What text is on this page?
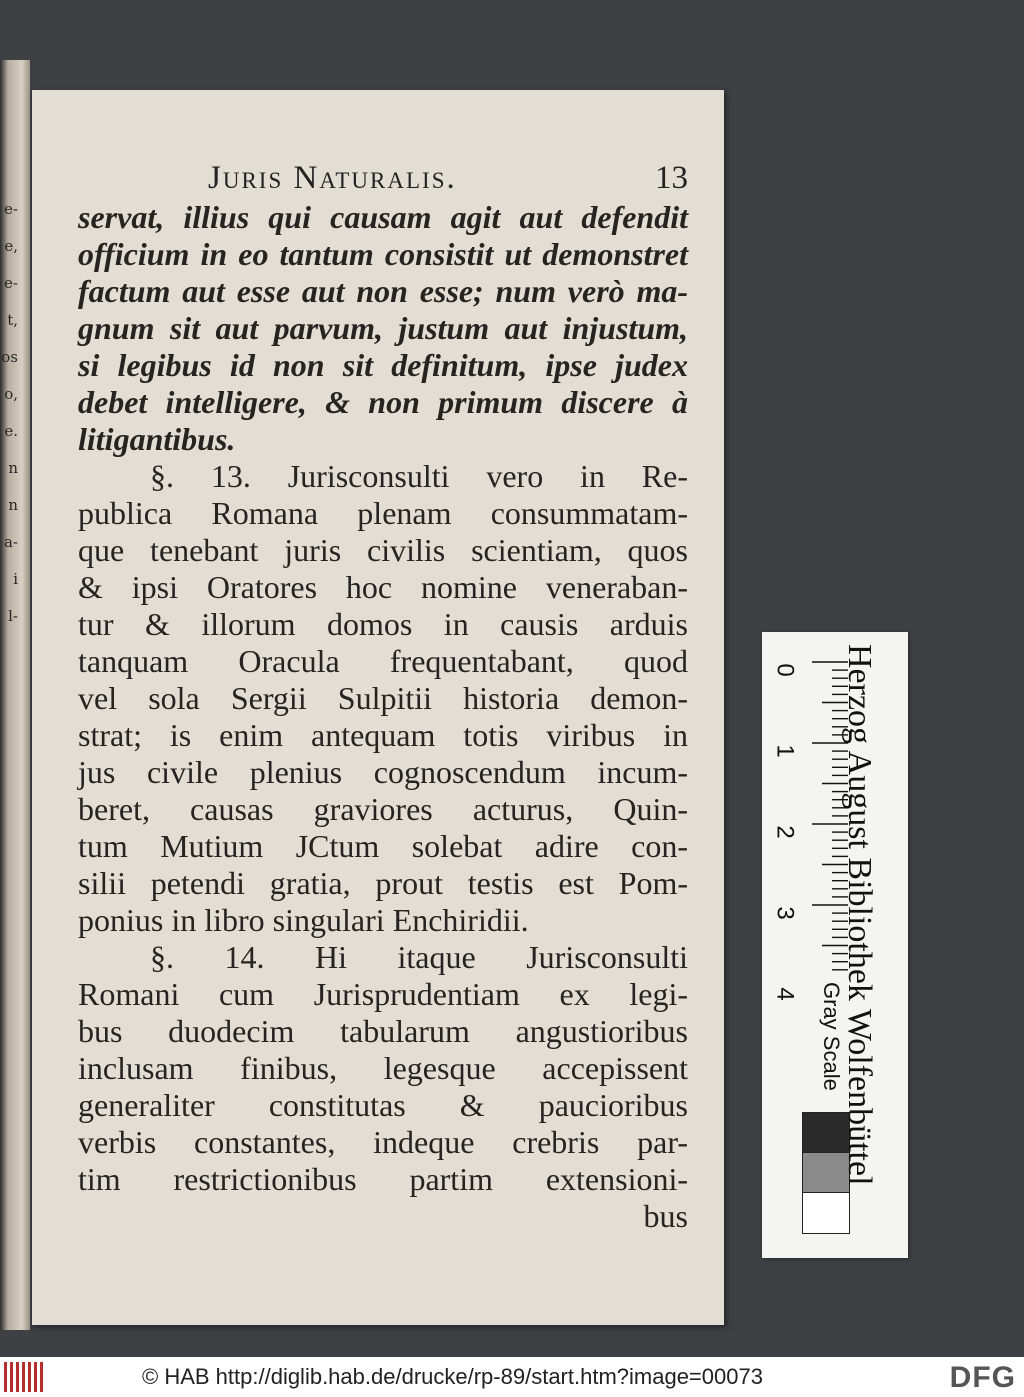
e-
e,
e-
t,
os
o,
e.
n
n
a-
i
l-
Juris Naturalis.	13
servat, illius qui causam agit aut defendit
officium in eo tantum consistit ut demonstret
factum aut esse aut non esse; num verò ma-
gnum sit aut parvum, justum aut injustum,
si legibus id non sit definitum, ipse judex
debet intelligere, & non primum discere à
litigantibus.
§. 13. Jurisconsulti vero in Re-
publica Romana plenam consummatam-
que tenebant juris civilis scientiam, quos
& ipsi Oratores hoc nomine veneraban-
tur & illorum domos in causis arduis
tanquam Oracula frequentabant, quod
vel sola Sergii Sulpitii historia demon-
strat; is enim antequam totis viribus in
jus civile plenius cognoscendum incum-
beret, causas graviores acturus, Quin-
tum Mutium JCtum solebat adire con-
silii petendi gratia, prout testis est Pom-
ponius in libro singulari Enchiridii.
§. 14. Hi itaque Jurisconsulti
Romani cum Jurisprudentiam ex legi-
bus duodecim tabularum angustioribus
inclusam finibus, legesque accepissent
generaliter constitutas & paucioribus
verbis constantes, indeque crebris par-
tim restrictionibus partim extensioni-
bus
0
1
2
3
4 Gray Scale
Herzog August Bibliothek Wolfenbüttel
© HAB http://diglib.hab.de/drucke/rp-89/start.htm?image=00073	DFG
